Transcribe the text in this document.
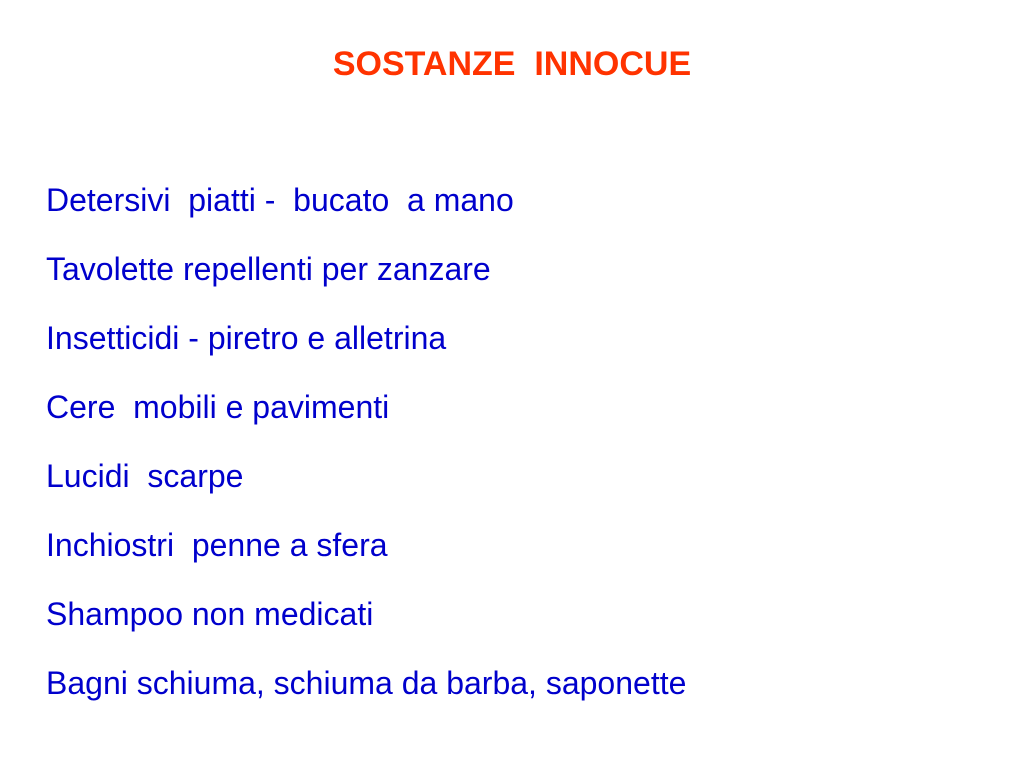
SOSTANZE  INNOCUE
Detersivi  piatti -  bucato  a mano
Tavolette repellenti per zanzare
Insetticidi - piretro e alletrina
Cere  mobili e pavimenti
Lucidi  scarpe
Inchiostri  penne a sfera
Shampoo non medicati
Bagni schiuma, schiuma da barba, saponette
